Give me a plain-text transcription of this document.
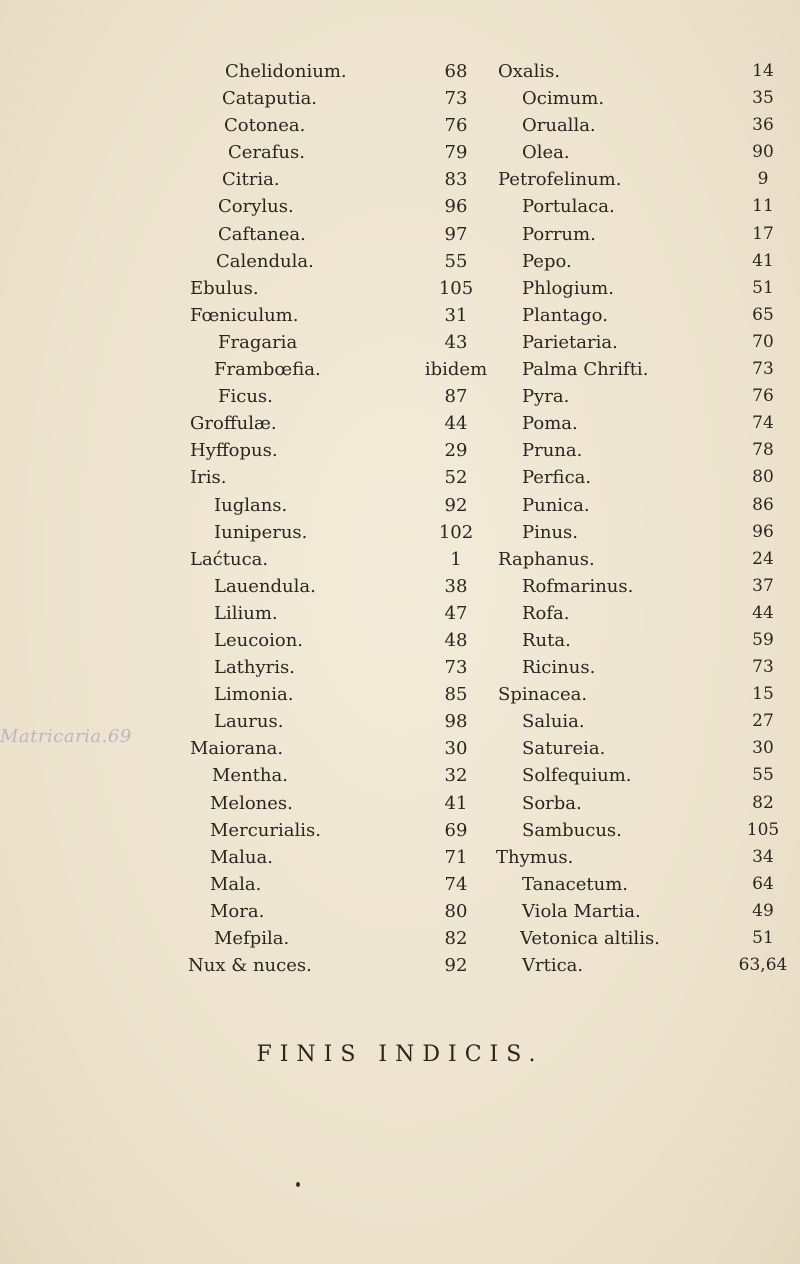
Chelidonium.	68
Cataputia.	73
Cotonea.	76
Cerafus.	79
Citria.	83
Corylus.	96
Caftanea.	97
Calendula.	55
Ebulus.	105
Fœniculum.	31
Fragaria	43
Frambœfia.	ibidem
Ficus.	87
Groffulæ.	44
Hyffopus.	29
Iris.	52
Iuglans.	92
Iuniperus.	102
Laćtuca.	1
Lauendula.	38
Lilium.	47
Leucoion.	48
Lathyris.	73
Limonia.	85
Laurus.	98
Maiorana.	30
Mentha.	32
Melones.	41
Mercurialis.	69
Malua.	71
Mala.	74
Mora.	80
Mefpila.	82
Nux & nuces.	92
Oxalis.	14
Ocimum.	35
Orualla.	36
Olea.	90
Petrofelinum.	9
Portulaca.	11
Porrum.	17
Pepo.	41
Phlogium.	51
Plantago.	65
Parietaria.	70
Palma Chrifti.	73
Pyra.	76
Poma.	74
Pruna.	78
Perfica.	80
Punica.	86
Pinus.	96
Raphanus.	24
Rofmarinus.	37
Rofa.	44
Ruta.	59
Ricinus.	73
Spinacea.	15
Saluia.	27
Satureia.	30
Solfequium.	55
Sorba.	82
Sambucus.	105
Thymus.	34
Tanacetum.	64
Viola Martia.	49
Vetonica altilis.	51
Vrtica.	63,64
Matricaria.69
FINIS INDICIS.
